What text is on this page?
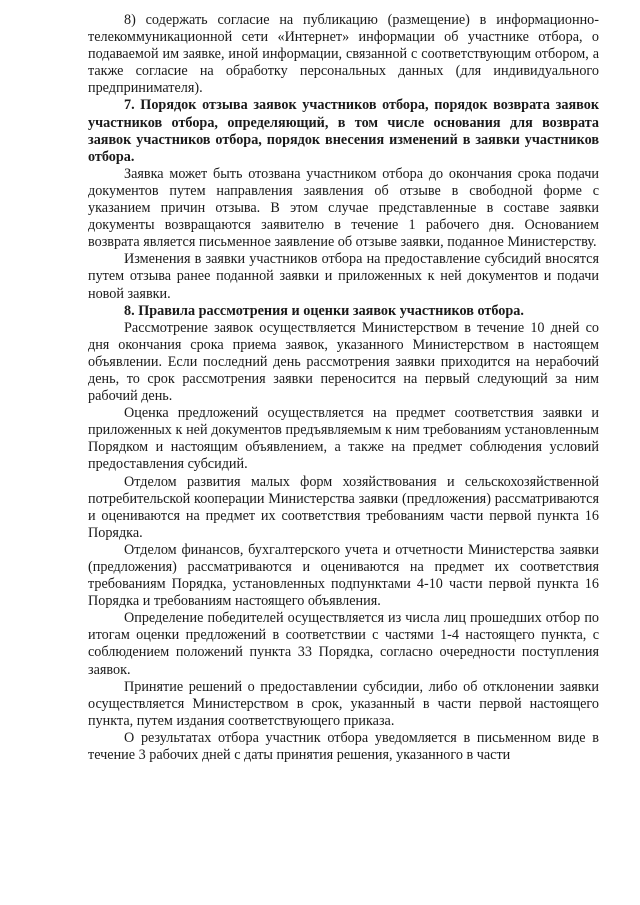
8) содержать согласие на публикацию (размещение) в информационно-телекоммуникационной сети «Интернет» информации об участнике отбора, о подаваемой им заявке, иной информации, связанной с соответствующим отбором, а также согласие на обработку персональных данных (для индивидуального предпринимателя).

7. Порядок отзыва заявок участников отбора, порядок возврата заявок участников отбора, определяющий, в том числе основания для возврата заявок участников отбора, порядок внесения изменений в заявки участников отбора.

Заявка может быть отозвана участником отбора до окончания срока подачи документов путем направления заявления об отзыве в свободной форме с указанием причин отзыва. В этом случае представленные в составе заявки документы возвращаются заявителю в течение 1 рабочего дня. Основанием возврата является письменное заявление об отзыве заявки, поданное Министерству.

Изменения в заявки участников отбора на предоставление субсидий вносятся путем отзыва ранее поданной заявки и приложенных к ней документов и подачи новой заявки.

8. Правила рассмотрения и оценки заявок участников отбора.

Рассмотрение заявок осуществляется Министерством в течение 10 дней со дня окончания срока приема заявок, указанного Министерством в настоящем объявлении. Если последний день рассмотрения заявки приходится на нерабочий день, то срок рассмотрения заявки переносится на первый следующий за ним рабочий день.

Оценка предложений осуществляется на предмет соответствия заявки и приложенных к ней документов предъявляемым к ним требованиям установленным Порядком и настоящим объявлением, а также на предмет соблюдения условий предоставления субсидий.

Отделом развития малых форм хозяйствования и сельскохозяйственной потребительской кооперации Министерства заявки (предложения) рассматриваются и оцениваются на предмет их соответствия требованиям части первой пункта 16 Порядка.

Отделом финансов, бухгалтерского учета и отчетности Министерства заявки (предложения) рассматриваются и оцениваются на предмет их соответствия требованиям Порядка, установленных подпунктами 4-10 части первой пункта 16 Порядка и требованиям настоящего объявления.

Определение победителей осуществляется из числа лиц прошедших отбор по итогам оценки предложений в соответствии с частями 1-4 настоящего пункта, с соблюдением положений пункта 33 Порядка, согласно очередности поступления заявок.

Принятие решений о предоставлении субсидии, либо об отклонении заявки осуществляется Министерством в срок, указанный в части первой настоящего пункта, путем издания соответствующего приказа.

О результатах отбора участник отбора уведомляется в письменном виде в течение 3 рабочих дней с даты принятия решения, указанного в части
